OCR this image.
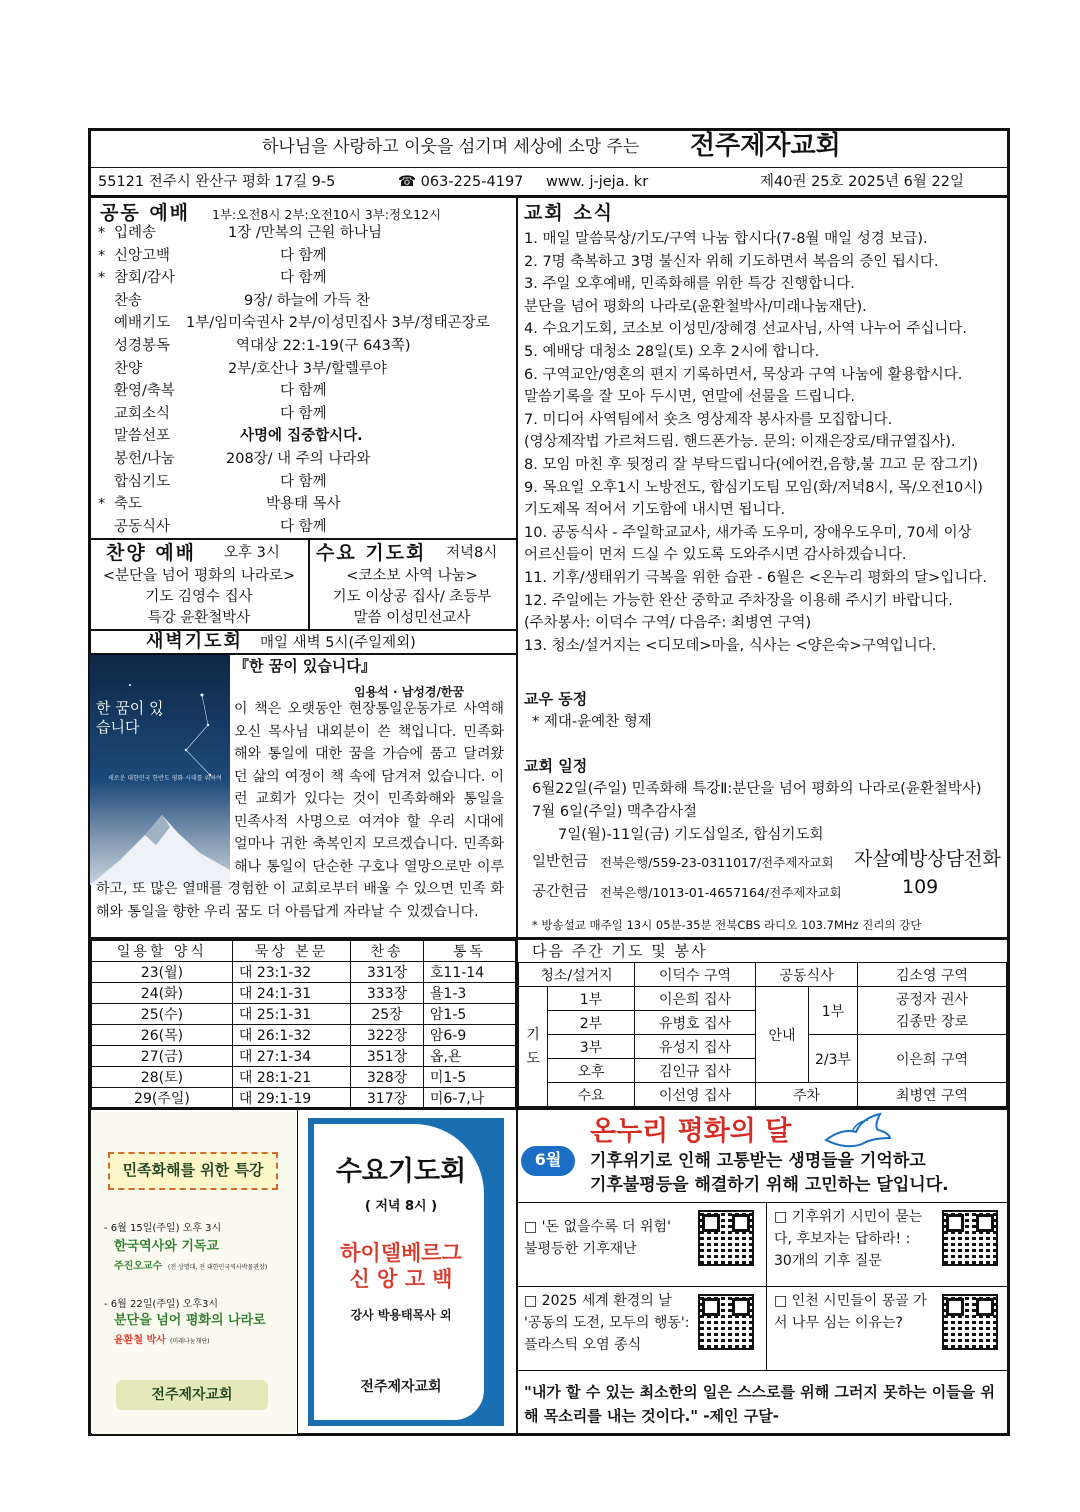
하나님을 사랑하고 이웃을 섬기며 세상에 소망 주는 전주제자교회
55121 전주시 완산구 평화 17길 9-5	☎ 063-225-4197 www. j-jeja. kr	제40권 25호 2025년 6월 22일
공동 예배 1부:오전8시 2부:오전10시 3부:정오12시
* 입례송	1장 /만복의 근원 하나님
* 신앙고백	다 함께
* 참회/감사	다 함께
찬송	9장/ 하늘에 가득 찬
예배기도 1부/임미숙권사 2부/이성민집사 3부/정태곤장로
성경봉독	역대상 22:1-19(구 643쪽)
찬양	2부/호산나 3부/할렐루야
환영/축복	다 함께
교회소식	다 함께
말씀선포	사명에 집중합시다.
봉헌/나눔	208장/ 내 주의 나라와
합심기도	다 함께
* 축도	박용태 목사
공동식사	다 함께
찬양 예배 오후 3시
<분단을 넘어 평화의 나라로>
기도 김영수 집사
특강 윤환철박사
수요 기도회 저녁8시
<코소보 사역 나눔>
기도 이상공 집사/ 초등부
말씀 이성민선교사
새벽기도회 매일 새벽 5시(주일제외)
한 꿈이 있습니다
새로운 대한민국 한반도 평화 시대를 위하여
『한 꿈이 있습니다』
임용석 · 남성경/한꿈
이 책은 오랫동안 현장통일운동가로 사역해 오신 목사님 내외분이 쓴 책입니다. 민족화해와 통일에 대한 꿈을 가슴에 품고 달려왔던 삶의 여정이 책 속에 담겨져 있습니다. 이런 교회가 있다는 것이 민족화해와 통일을 민족사적 사명으로 여겨야 할 우리 시대에 얼마나 귀한 축복인지 모르겠습니다. 민족화해나 통일이 단순한 구호나 열망으로만 이루
하고, 또 많은 열매를 경험한 이 교회로부터 배울 수 있으면 민족 화해와 통일을 향한 우리 꿈도 더 아름답게 자라날 수 있겠습니다.
교회 소식
1. 매일 말씀묵상/기도/구역 나눔 합시다(7-8월 매일 성경 보급).
2. 7명 축복하고 3명 불신자 위해 기도하면서 복음의 증인 됩시다.
3. 주일 오후예배, 민족화해를 위한 특강 진행합니다.
분단을 넘어 평화의 나라로(윤환철박사/미래나눔재단).
4. 수요기도회, 코소보 이성민/장혜경 선교사님, 사역 나누어 주십니다.
5. 예배당 대청소 28일(토) 오후 2시에 합니다.
6. 구역교안/영혼의 편지 기록하면서, 묵상과 구역 나눔에 활용합시다.
말씀기록을 잘 모아 두시면, 연말에 선물을 드립니다.
7. 미디어 사역팀에서 숏츠 영상제작 봉사자를 모집합니다.
(영상제작법 가르쳐드림. 핸드폰가능. 문의: 이재은장로/태규열집사).
8. 모임 마친 후 뒷정리 잘 부탁드립니다(에어컨,음향,불 끄고 문 잠그기)
9. 목요일 오후1시 노방전도, 합심기도팀 모임(화/저녁8시, 목/오전10시)
기도제목 적어서 기도함에 내시면 됩니다.
10. 공동식사 - 주일학교교사, 새가족 도우미, 장애우도우미, 70세 이상
어르신들이 먼저 드실 수 있도록 도와주시면 감사하겠습니다.
11. 기후/생태위기 극복을 위한 습관 - 6월은 <온누리 평화의 달>입니다.
12. 주일에는 가능한 완산 중학교 주차장을 이용해 주시기 바랍니다.
(주차봉사: 이덕수 구역/ 다음주: 최병연 구역)
13. 청소/설거지는 <디모데>마을, 식사는 <양은숙>구역입니다.
교우 동정
* 제대-윤예찬 형제
교회 일정
6월22일(주일) 민족화해 특강Ⅱ:분단을 넘어 평화의 나라로(윤환철박사)
7월 6일(주일) 맥추감사절
7일(월)-11일(금) 기도십일조, 합심기도회
일반헌금 전북은행/559-23-0311017/전주제자교회
공간헌금 전북은행/1013-01-4657164/전주제자교회
자살예방상담전화
109
* 방송설교 매주일 13시 05분-35분 전북CBS 라디오 103.7MHz 진리의 강단
일용할 양식	묵상 본문	찬송	통독
23(월)	대 23:1-32	331장	호11-14
24(화)	대 24:1-31	333장	욜1-3
25(수)	대 25:1-31	25장	암1-5
26(목)	대 26:1-32	322장	암6-9
27(금)	대 27:1-34	351장	옵,욘
28(토)	대 28:1-21	328장	미1-5
29(주일)	대 29:1-19	317장	미6-7,나
다음 주간 기도 및 봉사
청소/설거지		이덕수 구역	공동식사		김소영 구역
기도	1부	이은희 집사	안내	1부	공정자 권사
김종만 장로

	2부	유병호 집사			
	3부	유성지 집사		2/3부	이은희 구역
	오후	김인규 집사			
	수요	이선영 집사	주차		최병연 구역
민족화해를 위한 특강
- 6월 15일(주일) 오후 3시
한국역사와 기독교
주진오교수 (전 상명대, 전 대한민국역사박물관장)
- 6월 22일(주일) 오후3시
분단을 넘어 평화의 나라로
윤환철 박사 (미래나눔재단)
전주제자교회
수요기도회
( 저녁 8시 )
하이델베르그
신 앙 고 백
강사 박용태목사 외
전주제자교회
6월
온누리 평화의 달
기후위기로 인해 고통받는 생명들을 기억하고
기후불평등을 해결하기 위해 고민하는 달입니다.
□ '돈 없을수록 더 위험' 불평등한 기후재난
□ 기후위기 시민이 묻는다, 후보자는 답하라! : 30개의 기후 질문
□ 2025 세계 환경의 날 '공동의 도전, 모두의 행동': 플라스틱 오염 종식
□ 인천 시민들이 몽골 가서 나무 심는 이유는?
"내가 할 수 있는 최소한의 일은 스스로를 위해 그러지 못하는 이들을 위해 목소리를 내는 것이다." -제인 구달-
